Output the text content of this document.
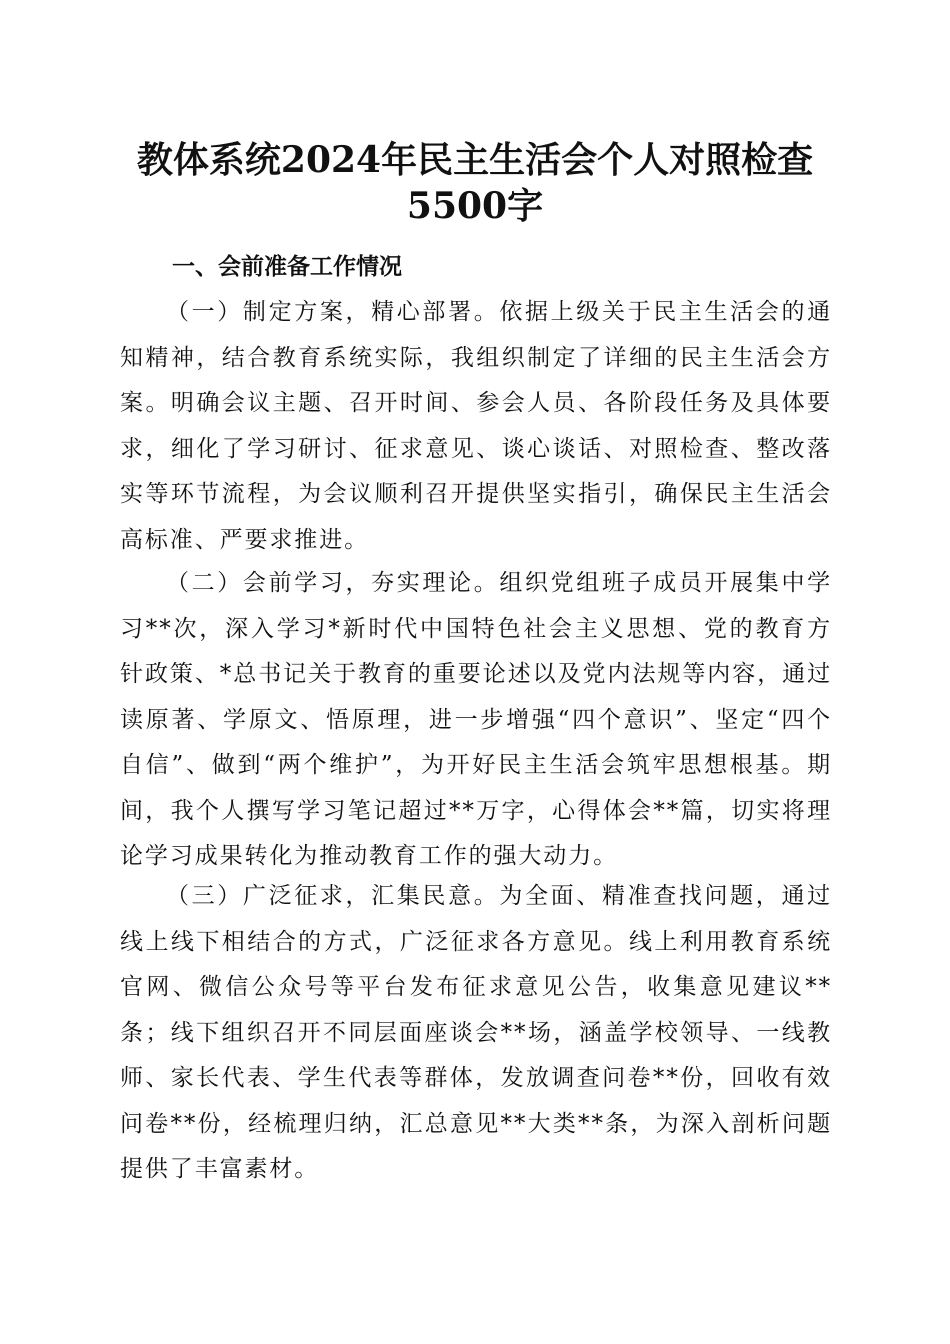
教体系统2024年民主生活会个人对照检查
5500字
一、会前准备工作情况

（一）制定方案，精心部署。依据上级关于民主生活会的通知精神，结合教育系统实际，我组织制定了详细的民主生活会方案。明确会议主题、召开时间、参会人员、各阶段任务及具体要求，细化了学习研讨、征求意见、谈心谈话、对照检查、整改落实等环节流程，为会议顺利召开提供坚实指引，确保民主生活会高标准、严要求推进。

（二）会前学习，夯实理论。组织党组班子成员开展集中学习**次，深入学习*新时代中国特色社会主义思想、党的教育方针政策、*总书记关于教育的重要论述以及党内法规等内容，通过读原著、学原文、悟原理，进一步增强“四个意识”、坚定“四个自信”、做到“两个维护”，为开好民主生活会筑牢思想根基。期间，我个人撰写学习笔记超过**万字，心得体会**篇，切实将理论学习成果转化为推动教育工作的强大动力。

（三）广泛征求，汇集民意。为全面、精准查找问题，通过线上线下相结合的方式，广泛征求各方意见。线上利用教育系统官网、微信公众号等平台发布征求意见公告，收集意见建议**条；线下组织召开不同层面座谈会**场，涵盖学校领导、一线教师、家长代表、学生代表等群体，发放调查问卷**份，回收有效问卷**份，经梳理归纳，汇总意见**大类**条，为深入剖析问题提供了丰富素材。
